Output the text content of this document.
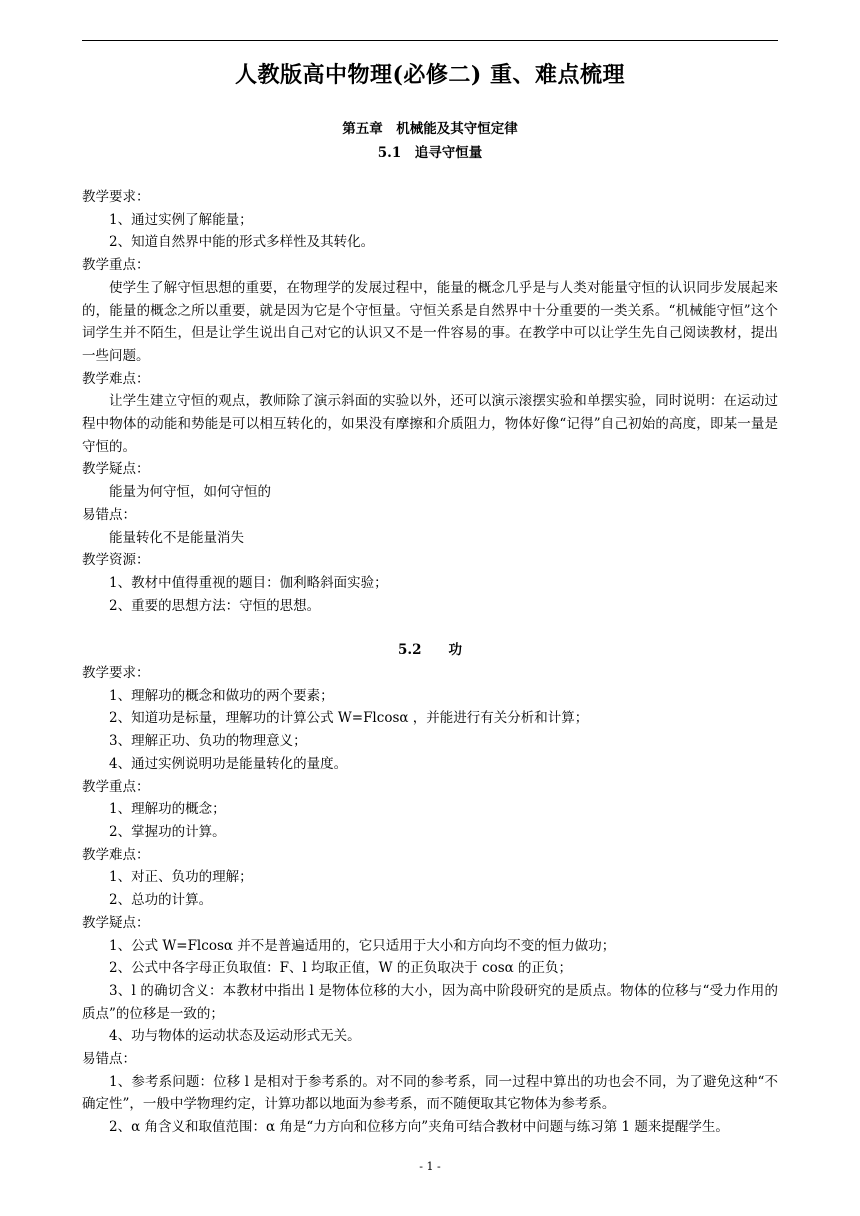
人教版高中物理(必修二) 重、难点梳理
第五章　机械能及其守恒定律
5.1　追寻守恒量

教学要求：

1、通过实例了解能量；

2、知道自然界中能的形式多样性及其转化。

教学重点：

使学生了解守恒思想的重要，在物理学的发展过程中，能量的概念几乎是与人类对能量守恒的认识同步发展起来的，能量的概念之所以重要，就是因为它是个守恒量。守恒关系是自然界中十分重要的一类关系。“机械能守恒”这个词学生并不陌生，但是让学生说出自己对它的认识又不是一件容易的事。在教学中可以让学生先自己阅读教材，提出一些问题。

教学难点：

让学生建立守恒的观点，教师除了演示斜面的实验以外，还可以演示滚摆实验和单摆实验，同时说明：在运动过程中物体的动能和势能是可以相互转化的，如果没有摩擦和介质阻力，物体好像“记得”自己初始的高度，即某一量是守恒的。

教学疑点：

能量为何守恒，如何守恒的

易错点：

能量转化不是能量消失

教学资源：

1、教材中值得重视的题目：伽利略斜面实验；

2、重要的思想方法：守恒的思想。

5.2　　功

教学要求：

1、理解功的概念和做功的两个要素；

2、知道功是标量，理解功的计算公式 W=Flcosα ，并能进行有关分析和计算；

3、理解正功、负功的物理意义；

4、通过实例说明功是能量转化的量度。

教学重点：

1、理解功的概念；

2、掌握功的计算。

教学难点：

1、对正、负功的理解；

2、总功的计算。

教学疑点：

1、公式 W=Flcosα 并不是普遍适用的，它只适用于大小和方向均不变的恒力做功；

2、公式中各字母正负取值：F、l 均取正值，W 的正负取决于 cosα 的正负；

3、l 的确切含义：本教材中指出 l 是物体位移的大小，因为高中阶段研究的是质点。物体的位移与“受力作用的质点”的位移是一致的；

4、功与物体的运动状态及运动形式无关。

易错点：

1、参考系问题：位移 l 是相对于参考系的。对不同的参考系，同一过程中算出的功也会不同，为了避免这种“不确定性”，一般中学物理约定，计算功都以地面为参考系，而不随便取其它物体为参考系。

2、α 角含义和取值范围：α 角是“力方向和位移方向”夹角可结合教材中问题与练习第 1 题来提醒学生。

- 1 -
